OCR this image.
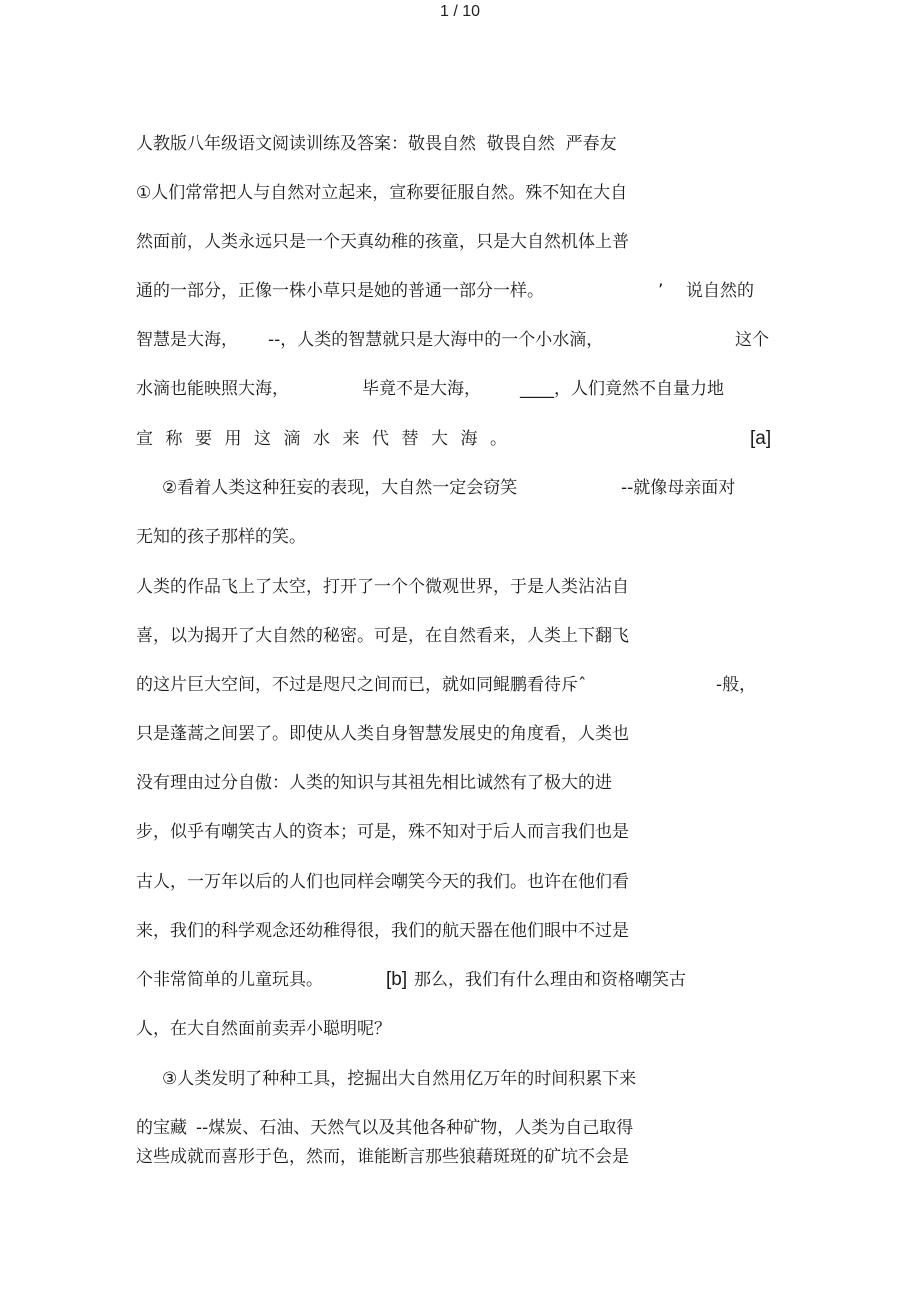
1 / 10
人教版八年级语文阅读训练及答案：敬畏自然  敬畏自然  严春友
①人们常常把人与自然对立起来，宣称要征服自然。殊不知在大自
然面前，人类永远只是一个天真幼稚的孩童，只是大自然机体上普
通的一部分，正像一株小草只是她的普通一部分一样。	’ 说自然的
智慧是大海， --，人类的智慧就只是大海中的一个小水滴，	这个
水滴也能映照大海，	毕竟不是大海， ____，人们竟然不自量力地
宣称要用这滴水来代替大海。	[a]
②看着人类这种狂妄的表现，大自然一定会窃笑	--就像母亲面对
无知的孩子那样的笑。
人类的作品飞上了太空，打开了一个个微观世界，于是人类沾沾自
喜，以为揭开了大自然的秘密。可是，在自然看来，人类上下翻飞
的这片巨大空间，不过是咫尺之间而已，就如同鲲鹏看待斥ˆ	-般，
只是蓬蒿之间罢了。即使从人类自身智慧发展史的角度看，人类也
没有理由过分自傲：人类的知识与其祖先相比诚然有了极大的进
步，似乎有嘲笑古人的资本；可是，殊不知对于后人而言我们也是
古人，一万年以后的人们也同样会嘲笑今天的我们。也许在他们看
来，我们的科学观念还幼稚得很，我们的航天器在他们眼中不过是
个非常简单的儿童玩具。	[b] 那么，我们有什么理由和资格嘲笑古
人，在大自然面前卖弄小聪明呢？
③人类发明了种种工具，挖掘出大自然用亿万年的时间积累下来
的宝藏 --煤炭、石油、天然气以及其他各种矿物，人类为自己取得
这些成就而喜形于色，然而，谁能断言那些狼藉斑斑的矿坑不会是
